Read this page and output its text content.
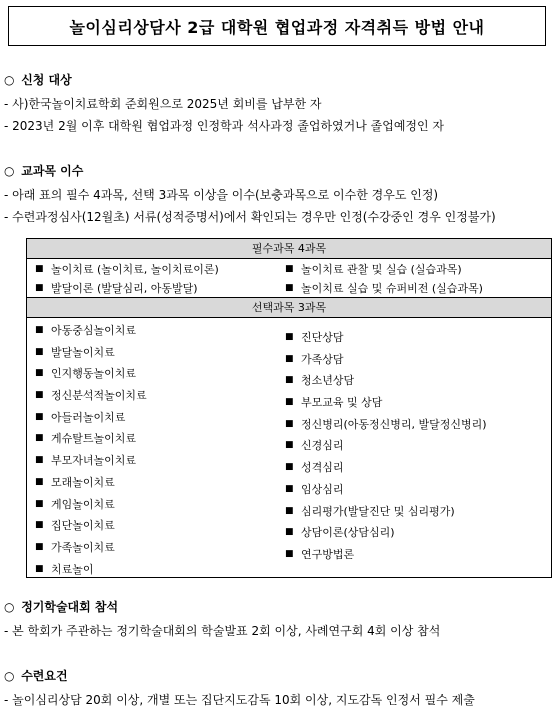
놀이심리상담사 2급 대학원 협업과정 자격취득 방법 안내
○ 신청 대상
- 사)한국놀이치료학회 준회원으로 2025년 회비를 납부한 자
- 2023년 2월 이후 대학원 협업과정 인정학과 석사과정 졸업하였거나 졸업예정인 자
○ 교과목 이수
- 아래 표의 필수 4과목, 선택 3과목 이상을 이수(보충과목으로 이수한 경우도 인정)
- 수련과정심사(12월초) 서류(성적증명서)에서 확인되는 경우만 인정(수강중인 경우 인정불가)
필수과목 4과목
■ 놀이치료 (놀이치료, 놀이치료이론)
■ 발달이론 (발달심리, 아동발달)
■ 놀이치료 관찰 및 실습 (실습과목)
■ 놀이치료 실습 및 슈퍼비전 (실습과목)
선택과목 3과목
■ 아동중심놀이치료
■ 발달놀이치료
■ 인지행동놀이치료
■ 정신분석적놀이치료
■ 아들러놀이치료
■ 게슈탈트놀이치료
■ 부모자녀놀이치료
■ 모래놀이치료
■ 게임놀이치료
■ 집단놀이치료
■ 가족놀이치료
■ 치료놀이
■ 진단상담
■ 가족상담
■ 청소년상담
■ 부모교육 및 상담
■ 정신병리(아동정신병리, 발달정신병리)
■ 신경심리
■ 성격심리
■ 임상심리
■ 심리평가(발달진단 및 심리평가)
■ 상담이론(상담심리)
■ 연구방법론
○ 정기학술대회 참석
- 본 학회가 주관하는 정기학술대회의 학술발표 2회 이상, 사례연구회 4회 이상 참석
○ 수련요건
- 놀이심리상담 20회 이상, 개별 또는 집단지도감독 10회 이상, 지도감독 인정서 필수 제출
